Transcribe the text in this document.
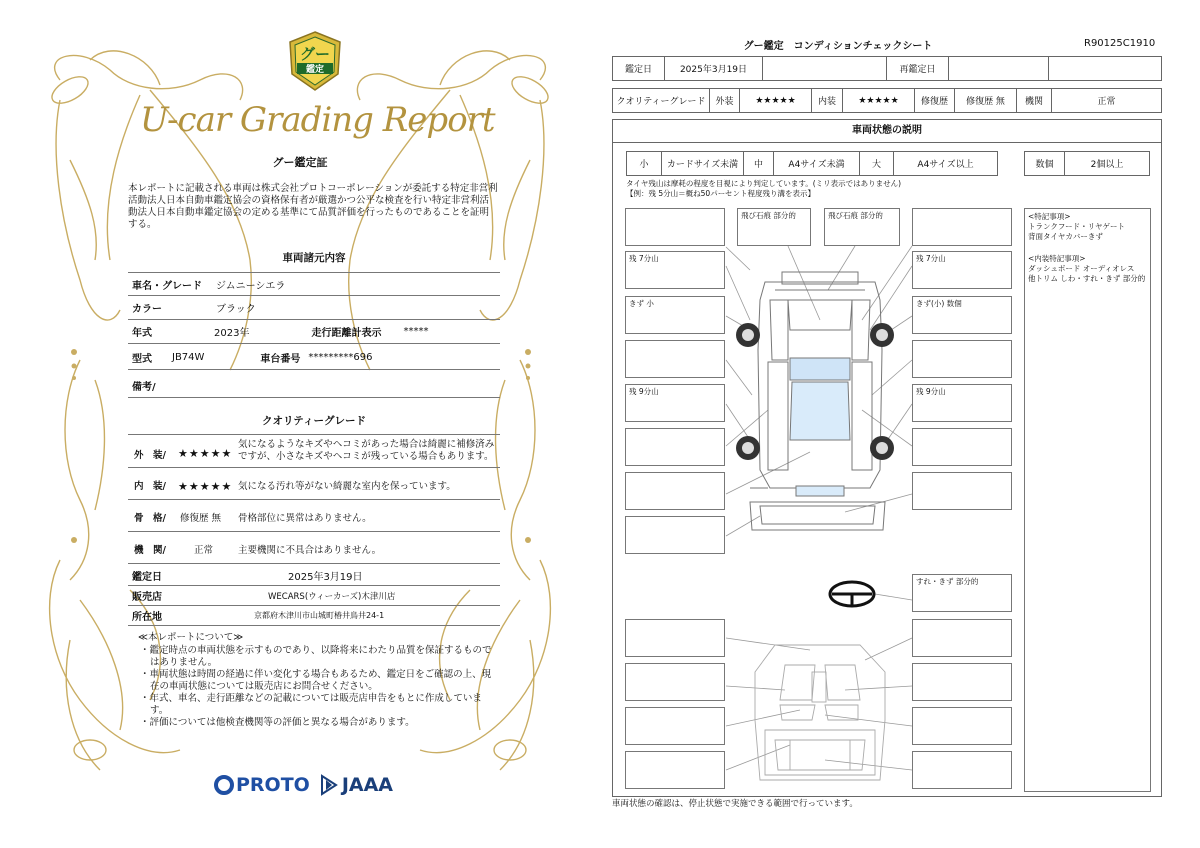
グー
鑑定
U-car Grading Report
グー鑑定証
本レポートに記載される車両は株式会社プロトコーポレーションが委託する特定非営利活動法人日本自動車鑑定協会の資格保有者が厳選かつ公平な検査を行い特定非営利活動法人日本自動車鑑定協会の定める基準にて品質評価を行ったものであることを証明する。
車両諸元内容
車名・グレード ジムニーシエラ
カラー	ブラック
年式	2023年	走行距離計表示 *****
型式 JB74W	車台番号 *********696
備考/
クオリティーグレード
外　装/ ★★★★★
気になるようなキズやヘコミがあった場合は綺麗に補修済みですが、小さなキズやヘコミが残っている場合もあります。
内　装/ ★★★★★ 気になる汚れ等がない綺麗な室内を保っています。
骨　格/ 修復歴 無 骨格部位に異常はありません。
機　関/	正常	主要機関に不具合はありません。
鑑定日	2025年3月19日
販売店	WECARS(ウィーカーズ)木津川店
所在地	京都府木津川市山城町椿井鳥井24-1
≪本レポートについて≫
・鑑定時点の車両状態を示すものであり、以降将来にわたり品質を保証するものではありません。
・車両状態は時間の経過に伴い変化する場合もあるため、鑑定日をご確認の上、現在の車両状態については販売店にお問合せください。
・年式、車名、走行距離などの記載については販売店申告をもとに作成しています。
・評価については他検査機関等の評価と異なる場合があります。
PROTO JAAA
グー鑑定　コンディションチェックシート	R90125C1910
鑑定日	2025年3月19日		再鑑定日		
クオリティーグレード	外装	★★★★★	内装	★★★★★	修復歴	修復歴 無	機関	正常
車両状態の説明
小	カードサイズ未満	中	A4サイズ未満	大	A4サイズ以上	数個	2個以上
タイヤ残山は摩耗の程度を目視により判定しています。(ミリ表示ではありません)
【例：残 5分山＝概ね50パーセント程度残り溝を表示】
残 7分山
きず 小
残 9分山
飛び石痕 部分的	飛び石痕 部分的
残 7分山
きず(小) 数個
残 9分山
すれ・きず 部分的
<特記事項>
トランクフード・リヤゲート
背面タイヤカバーきず
<内装特記事項>
ダッシュボード オーディオレス
他トリム しわ・すれ・きず 部分的
車両状態の確認は、停止状態で実施できる範囲で行っています。
